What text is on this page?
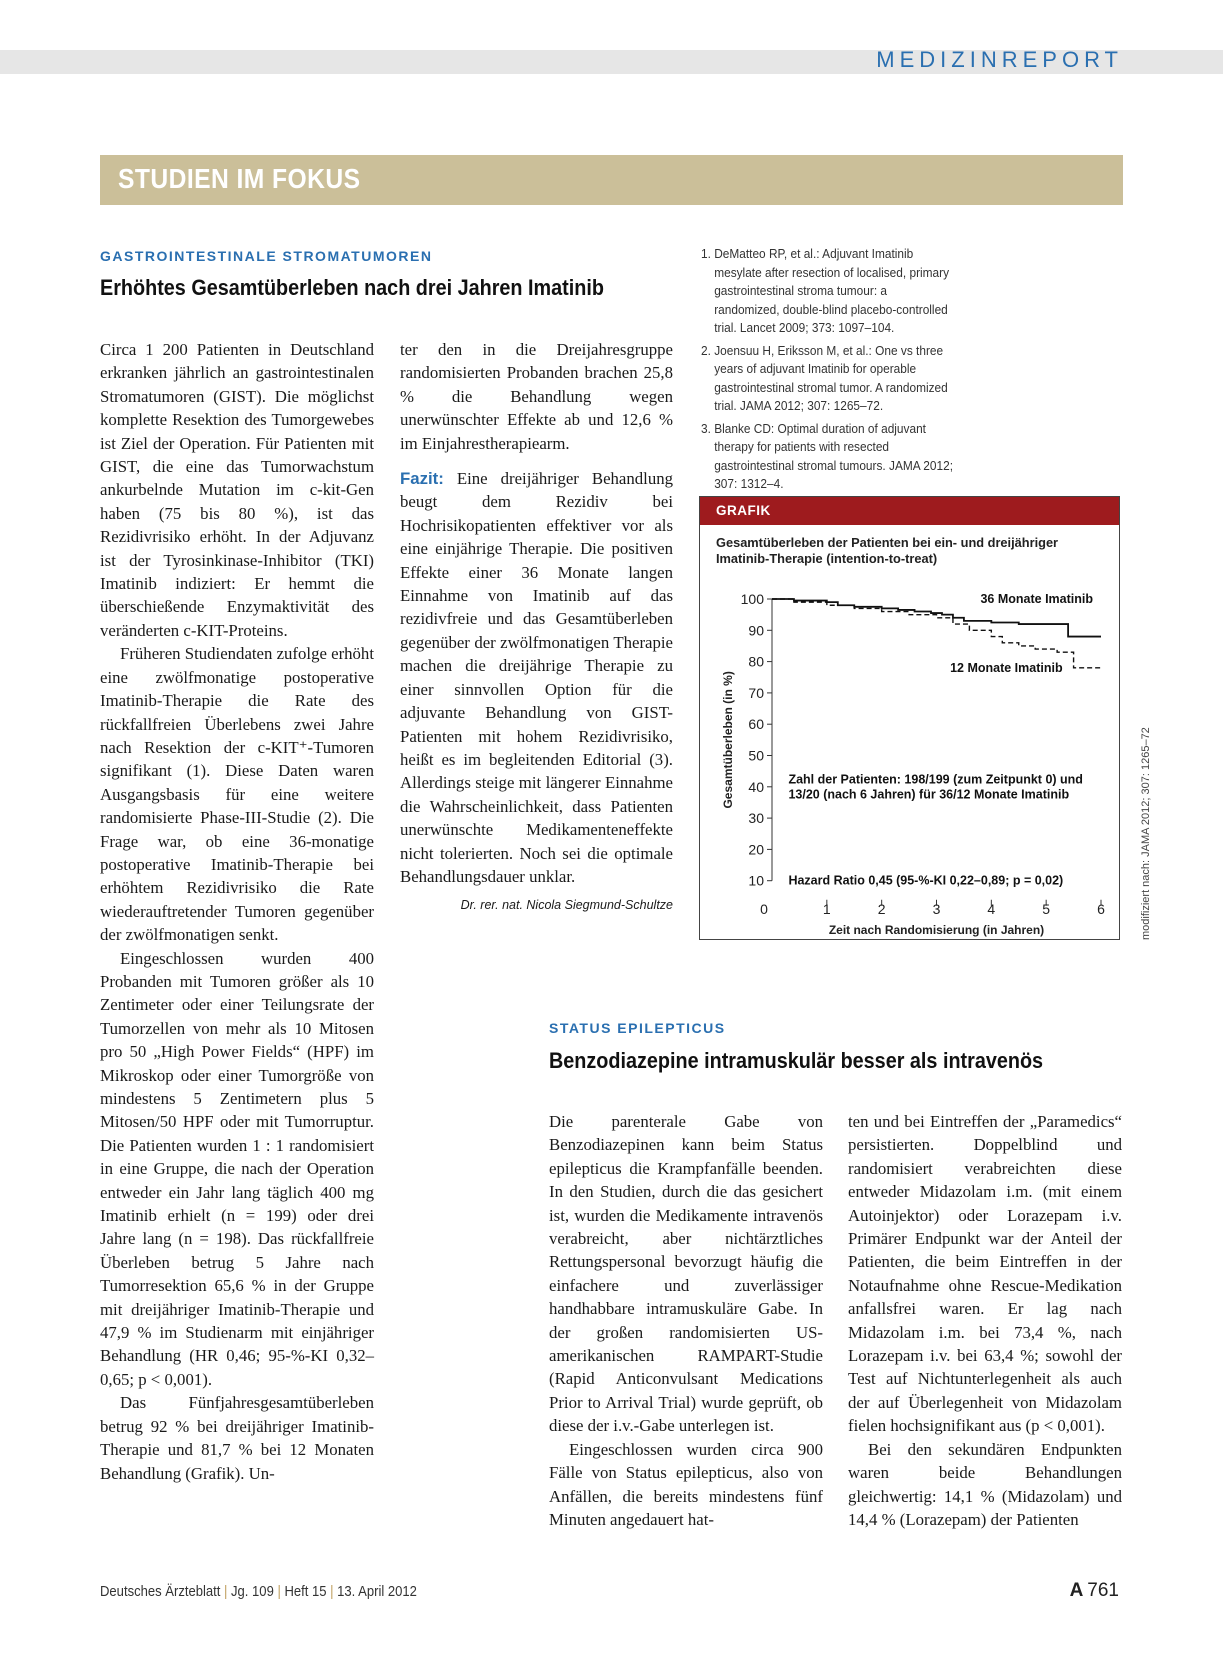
MEDIZINREPORT
STUDIEN IM FOKUS
GASTROINTESTINALE STROMATUMOREN
Erhöhtes Gesamtüberleben nach drei Jahren Imatinib

Circa 1 200 Patienten in Deutschland erkranken jährlich an gastrointestinalen Stromatumoren (GIST). Die möglichst komplette Resektion des Tumorgewebes ist Ziel der Operation. Für Patienten mit GIST, die eine das Tumorwachstum ankurbelnde Mutation im c-kit-Gen haben (75 bis 80 %), ist das Rezidivrisiko erhöht. In der Adjuvanz ist der Tyrosinkinase-Inhibitor (TKI) Imatinib indiziert: Er hemmt die überschießende Enzymaktivität des veränderten c-KIT-Proteins.

Früheren Studiendaten zufolge erhöht eine zwölfmonatige postoperative Imatinib-Therapie die Rate des rückfallfreien Überlebens zwei Jahre nach Resektion der c-KIT⁺-Tumoren signifikant (1). Diese Daten waren Ausgangsbasis für eine weitere randomisierte Phase-III-Studie (2). Die Frage war, ob eine 36-monatige postoperative Imatinib-Therapie bei erhöhtem Rezidivrisiko die Rate wiederauftretender Tumoren gegenüber der zwölfmonatigen senkt.

Eingeschlossen wurden 400 Probanden mit Tumoren größer als 10 Zentimeter oder einer Teilungsrate der Tumorzellen von mehr als 10 Mitosen pro 50 „High Power Fields“ (HPF) im Mikroskop oder einer Tumorgröße von mindestens 5 Zentimetern plus 5 Mitosen/50 HPF oder mit Tumorruptur. Die Patienten wurden 1 : 1 randomisiert in eine Gruppe, die nach der Operation entweder ein Jahr lang täglich 400 mg Imatinib erhielt (n = 199) oder drei Jahre lang (n = 198). Das rückfallfreie Überleben betrug 5 Jahre nach Tumorresektion 65,6 % in der Gruppe mit dreijähriger Imatinib-Therapie und 47,9 % im Studienarm mit einjähriger Behandlung (HR 0,46; 95-%-KI 0,32–0,65; p < 0,001).

Das Fünfjahresgesamtüberleben betrug 92 % bei dreijähriger Imatinib-Therapie und 81,7 % bei 12 Monaten Behandlung (Grafik). Un-

ter den in die Dreijahresgruppe randomisierten Probanden brachen 25,8 % die Behandlung wegen unerwünschter Effekte ab und 12,6 % im Einjahrestherapiearm.

Fazit: Eine dreijähriger Behandlung beugt dem Rezidiv bei Hochrisikopatienten effektiver vor als eine einjährige Therapie. Die positiven Effekte einer 36 Monate langen Einnahme von Imatinib auf das rezidivfreie und das Gesamtüberleben gegenüber der zwölfmonatigen Therapie machen die dreijährige Therapie zu einer sinnvollen Option für die adjuvante Behandlung von GIST-Patienten mit hohem Rezidivrisiko, heißt es im begleitenden Editorial (3). Allerdings steige mit längerer Einnahme die Wahrscheinlichkeit, dass Patienten unerwünschte Medikamenteneffekte nicht tolerierten. Noch sei die optimale Behandlungsdauer unklar.

Dr. rer. nat. Nicola Siegmund-Schultze
1. DeMatteo RP, et al.: Adjuvant Imatinib mesylate after resection of localised, primary gastrointestinal stroma tumour: a randomized, double-blind placebo-controlled trial. Lancet 2009; 373: 1097–104.
2. Joensuu H, Eriksson M, et al.: One vs three years of adjuvant Imatinib for operable gastrointestinal stromal tumor. A randomized trial. JAMA 2012; 307: 1265–72.
3. Blanke CD: Optimal duration of adjuvant therapy for patients with resected gastrointestinal stromal tumours. JAMA 2012; 307: 1312–4.
GRAFIK
Gesamtüberleben der Patienten bei ein- und dreijähriger Imatinib-Therapie (intention-to-treat)
10
20
30
40
50
60
70
80
90
100
0	1	2	3	4	5	6
Zeit nach Randomisierung (in Jahren)
Gesamtüberleben (in %)
36 Monate Imatinib
12 Monate Imatinib
Zahl der Patienten: 198/199 (zum Zeitpunkt 0) und
13/20 (nach 6 Jahren) für 36/12 Monate Imatinib
Hazard Ratio 0,45 (95-%-KI 0,22–0,89; p = 0,02)	modifiziert nach: JAMA 2012; 307: 1265–72
STATUS EPILEPTICUS
Benzodiazepine intramuskulär besser als intravenös

Die parenterale Gabe von Benzodiazepinen kann beim Status epilepticus die Krampfanfälle beenden. In den Studien, durch die das gesichert ist, wurden die Medikamente intravenös verabreicht, aber nichtärztliches Rettungspersonal bevorzugt häufig die einfachere und zuverlässiger handhabbare intramuskuläre Gabe. In der großen randomisierten US-amerikanischen RAMPART-Studie (Rapid Anticonvulsant Medications Prior to Arrival Trial) wurde geprüft, ob diese der i.v.-Gabe unterlegen ist.

Eingeschlossen wurden circa 900 Fälle von Status epilepticus, also von Anfällen, die bereits mindestens fünf Minuten angedauert hat-

ten und bei Eintreffen der „Paramedics“ persistierten. Doppelblind und randomisiert verabreichten diese entweder Midazolam i.m. (mit einem Autoinjektor) oder Lorazepam i.v. Primärer Endpunkt war der Anteil der Patienten, die beim Eintreffen in der Notaufnahme ohne Rescue-Medikation anfallsfrei waren. Er lag nach Midazolam i.m. bei 73,4 %, nach Lorazepam i.v. bei 63,4 %; sowohl der Test auf Nichtunterlegenheit als auch der auf Überlegenheit von Midazolam fielen hochsignifikant aus (p < 0,001).

Bei den sekundären Endpunkten waren beide Behandlungen gleichwertig: 14,1 % (Midazolam) und 14,4 % (Lorazepam) der Patienten

Deutsches Ärzteblatt | Jg. 109 | Heft 15 | 13. April 2012	A 761
